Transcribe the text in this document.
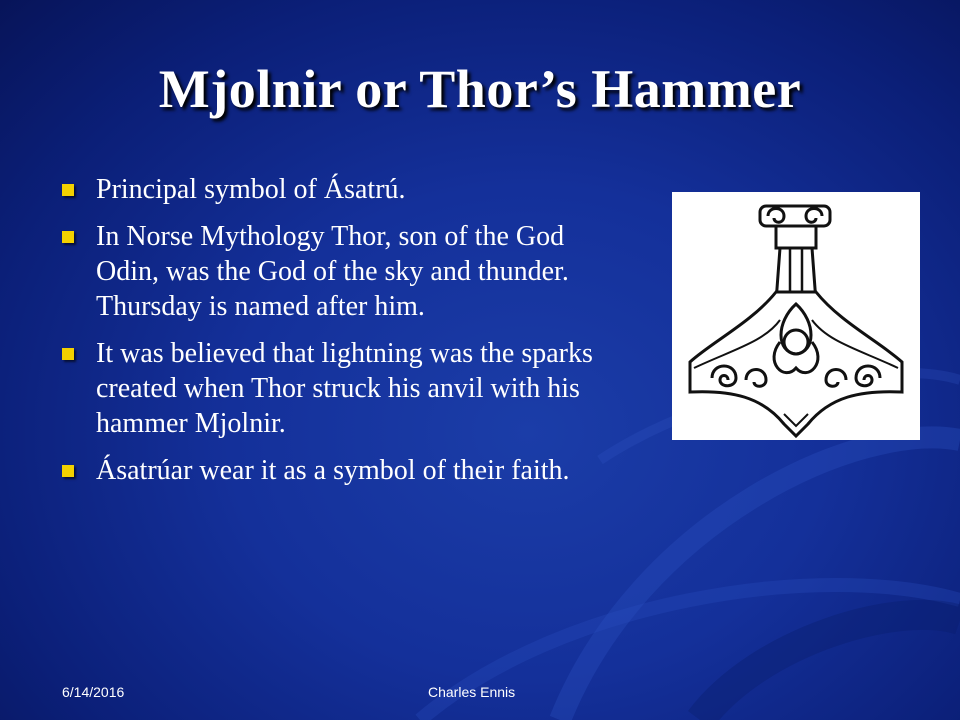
Mjolnir or Thor’s Hammer
Principal symbol of Ásatrú.
In Norse Mythology Thor, son of the God Odin, was the God of the sky and thunder. Thursday is named after him.
It was believed that lightning was the sparks created when Thor struck his anvil with his hammer Mjolnir.
Ásatrúar wear it as a symbol of their faith.
6/14/2016	Charles Ennis
